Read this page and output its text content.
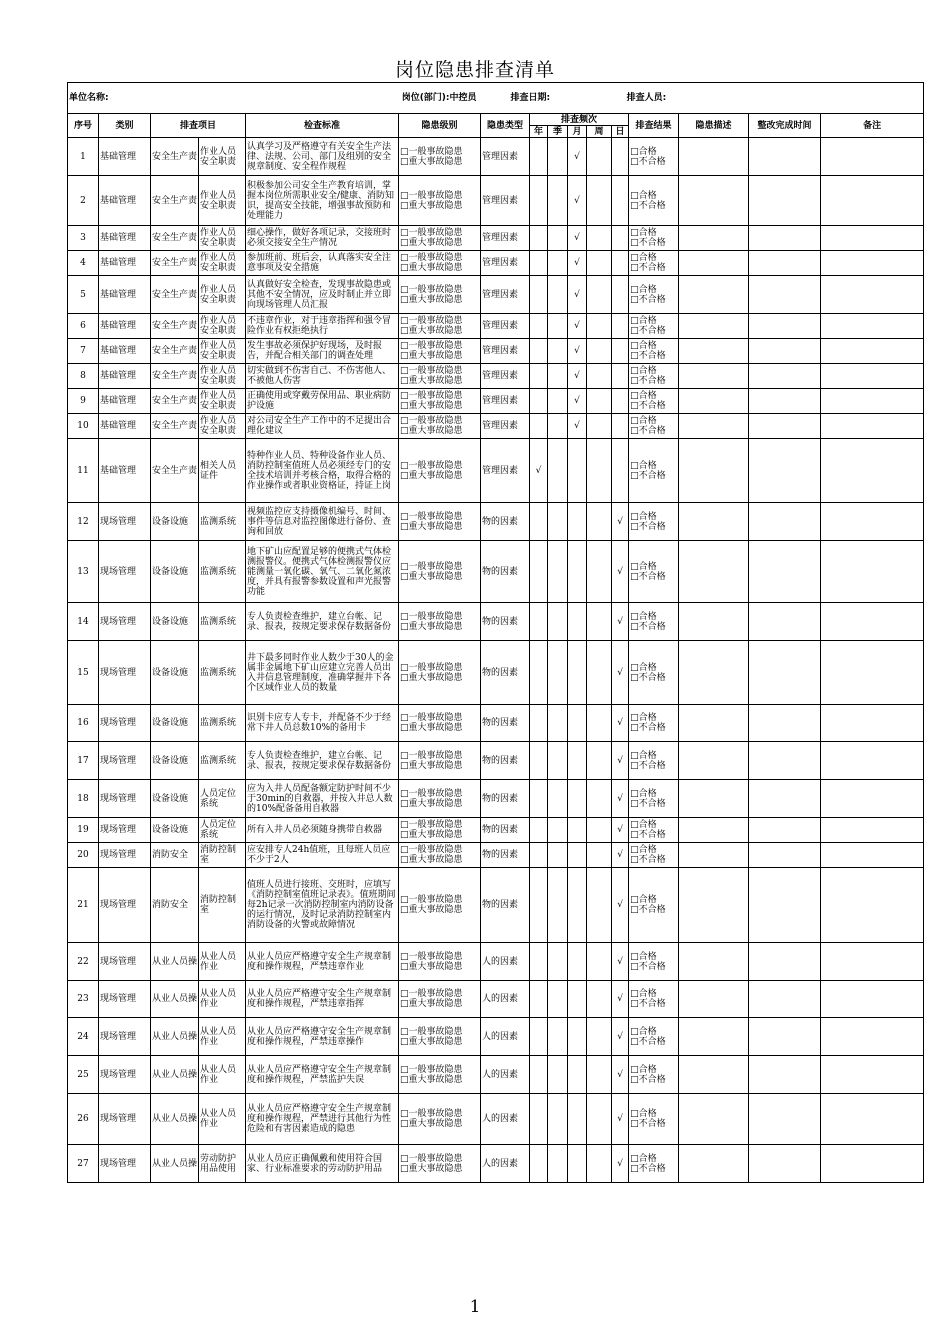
岗位隐患排查清单
单位名称:			岗位(部门):中控员			排查日期:				排查人员:					
序号	类别	排查项目		检查标准	隐患级别	隐患类型	排查频次					排查结果	隐患描述	整改完成时间	备注
							年	季	月	周	日				
1	基础管理	安全生产责	作业人员安全职责	认真学习及严格遵守有关安全生产法律、法规、公司、部门及组别的安全规章制度、安全程作规程	□一般事故隐患
□重大事故隐患	管理因素			√			□合格
□不合格			

2	基础管理	安全生产责	作业人员安全职责	积极参加公司安全生产教育培训，掌握本岗位所需职业安全/健康、消防知识，提高安全技能，增强事故预防和处理能力	□一般事故隐患
□重大事故隐患	管理因素			√			□合格
□不合格			

3	基础管理	安全生产责	作业人员安全职责	细心操作，做好各项记录，交接班时必须交接安全生产情况	□一般事故隐患
□重大事故隐患	管理因素			√			□合格
□不合格			

4	基础管理	安全生产责	作业人员安全职责	参加班前、班后会，认真落实安全注意事项及安全措施	□一般事故隐患
□重大事故隐患	管理因素			√			□合格
□不合格			

5	基础管理	安全生产责	作业人员安全职责	认真做好安全检查，发现事故隐患或其他不安全情况，应及时制止并立即向现场管理人员汇报	□一般事故隐患
□重大事故隐患	管理因素			√			□合格
□不合格			

6	基础管理	安全生产责	作业人员安全职责	不违章作业，对于违章指挥和强令冒险作业有权拒绝执行	□一般事故隐患
□重大事故隐患	管理因素			√			□合格
□不合格			

7	基础管理	安全生产责	作业人员安全职责	发生事故必须保护好现场，及时报告，并配合相关部门的调查处理	□一般事故隐患
□重大事故隐患	管理因素			√			□合格
□不合格			

8	基础管理	安全生产责	作业人员安全职责	切实做到不伤害自己、不伤害他人、不被他人伤害	□一般事故隐患
□重大事故隐患	管理因素			√			□合格
□不合格			

9	基础管理	安全生产责	作业人员安全职责	正确使用或穿戴劳保用品、职业病防护设施	□一般事故隐患
□重大事故隐患	管理因素			√			□合格
□不合格			

10	基础管理	安全生产责	作业人员安全职责	对公司安全生产工作中的不足提出合理化建议	□一般事故隐患
□重大事故隐患	管理因素			√			□合格
□不合格			

11	基础管理	安全生产责	相关人员证件	特种作业人员、特种设备作业人员、消防控制室值班人员必须经专门的安全技术培训并考核合格，取得合格的作业操作或者职业资格证，持证上岗	□一般事故隐患
□重大事故隐患	管理因素	√					□合格
□不合格			

12	现场管理	设备设施	监测系统	视频监控应支持摄像机编号、时间、事件等信息对监控图像进行备份、查询和回放	□一般事故隐患
□重大事故隐患	物的因素					√	□合格
□不合格			

13	现场管理	设备设施	监测系统	地下矿山应配置足够的便携式气体检测报警仪。便携式气体检测报警仪应能测量一氧化碳、氧气、二氧化氮浓度，并具有报警参数设置和声光报警功能	□一般事故隐患
□重大事故隐患	物的因素					√	□合格
□不合格			

14	现场管理	设备设施	监测系统	专人负责检查维护，建立台帐、记录、报表，按规定要求保存数据备份	□一般事故隐患
□重大事故隐患	物的因素					√	□合格
□不合格			

15	现场管理	设备设施	监测系统	井下最多同时作业人数少于30人的金属非金属地下矿山应建立完善人员出入井信息管理制度，准确掌握井下各个区域作业人员的数量	□一般事故隐患
□重大事故隐患	物的因素					√	□合格
□不合格			

16	现场管理	设备设施	监测系统	识别卡应专人专卡，并配备不少于经常下井人员总数10%的备用卡	□一般事故隐患
□重大事故隐患	物的因素					√	□合格
□不合格			

17	现场管理	设备设施	监测系统	专人负责检查维护，建立台帐、记录、报表，按规定要求保存数据备份	□一般事故隐患
□重大事故隐患	物的因素					√	□合格
□不合格			

18	现场管理	设备设施	人员定位系统	应为入井人员配备额定防护时间不少于30min的自救器，并按入井总人数的10%配备备用自救器	□一般事故隐患
□重大事故隐患	物的因素					√	□合格
□不合格			

19	现场管理	设备设施	人员定位系统	所有入井人员必须随身携带自救器	□一般事故隐患
□重大事故隐患	物的因素					√	□合格
□不合格			

20	现场管理	消防安全	消防控制室	应安排专人24h值班，且每班人员应不少于2人	□一般事故隐患
□重大事故隐患	物的因素					√	□合格
□不合格			

21	现场管理	消防安全	消防控制室	值班人员进行接班、交班时，应填写《消防控制室值班记录表》。值班期间每2h记录一次消防控制室内消防设备的运行情况，及时记录消防控制室内消防设备的火警或故障情况	□一般事故隐患
□重大事故隐患	物的因素					√	□合格
□不合格			

22	现场管理	从业人员操	从业人员作业	从业人员应严格遵守安全生产规章制度和操作规程，严禁违章作业	□一般事故隐患
□重大事故隐患	人的因素					√	□合格
□不合格			

23	现场管理	从业人员操	从业人员作业	从业人员应严格遵守安全生产规章制度和操作规程，严禁违章指挥	□一般事故隐患
□重大事故隐患	人的因素					√	□合格
□不合格			

24	现场管理	从业人员操	从业人员作业	从业人员应严格遵守安全生产规章制度和操作规程，严禁违章操作	□一般事故隐患
□重大事故隐患	人的因素					√	□合格
□不合格			

25	现场管理	从业人员操	从业人员作业	从业人员应严格遵守安全生产规章制度和操作规程，严禁监护失误	□一般事故隐患
□重大事故隐患	人的因素					√	□合格
□不合格			

26	现场管理	从业人员操	从业人员作业	从业人员应严格遵守安全生产规章制度和操作规程，严禁进行其他行为性危险和有害因素造成的隐患	□一般事故隐患
□重大事故隐患	人的因素					√	□合格
□不合格			

27	现场管理	从业人员操	劳动防护用品使用	从业人员应正确佩戴和使用符合国家、行业标准要求的劳动防护用品	□一般事故隐患
□重大事故隐患	人的因素					√	□合格
□不合格			

1
